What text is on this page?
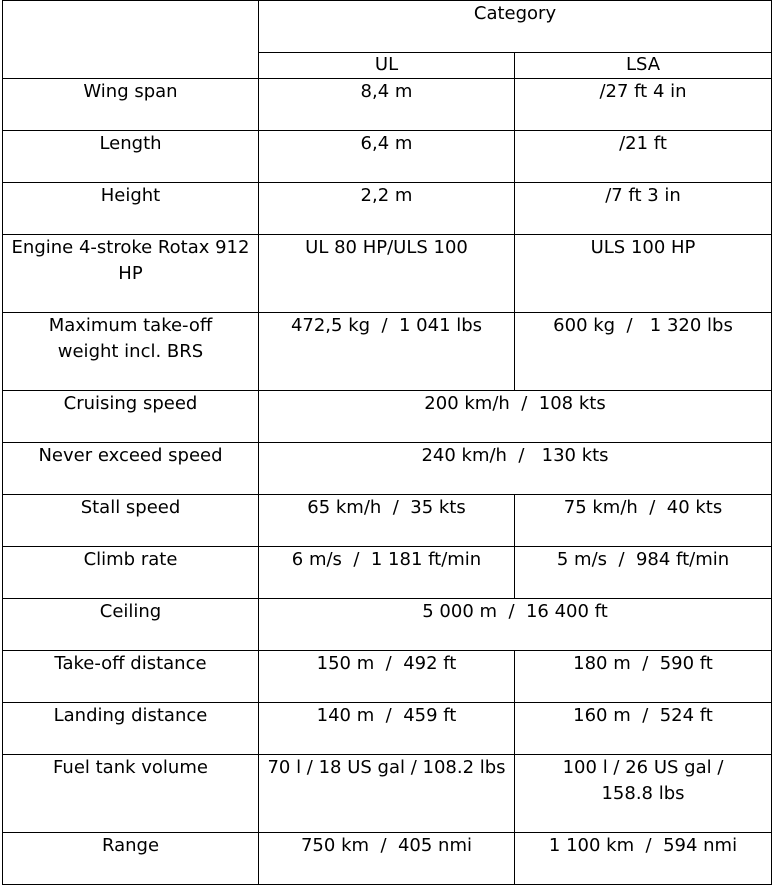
	Category	
	UL	LSA
Wing span	8,4 m	/27 ft 4 in
Length	6,4 m	/21 ft
Height	2,2 m	/7 ft 3 in
Engine 4-stroke Rotax 912     HP	UL 80 HP/ULS 100	ULS 100 HP
Maximum take-off weight incl. BRS	472,5 kg  /  1 041 lbs	600 kg  /   1 320 lbs
Cruising speed	200 km/h  /  108 kts	
Never exceed speed	240 km/h  /   130 kts	
Stall speed	65 km/h  /  35 kts	75 km/h  /  40 kts
Climb rate	6 m/s  /  1 181 ft/min	5 m/s  /  984 ft/min
Ceiling	5 000 m  /  16 400 ft	
Take-off distance	150 m  /  492 ft	180 m  /  590 ft
Landing distance	140 m  /  459 ft	160 m  /  524 ft
Fuel tank volume	70 l / 18 US gal / 108.2 lbs	100 l / 26 US gal / 158.8 lbs
Range	750 km  /  405 nmi	1 100 km  /  594 nmi
